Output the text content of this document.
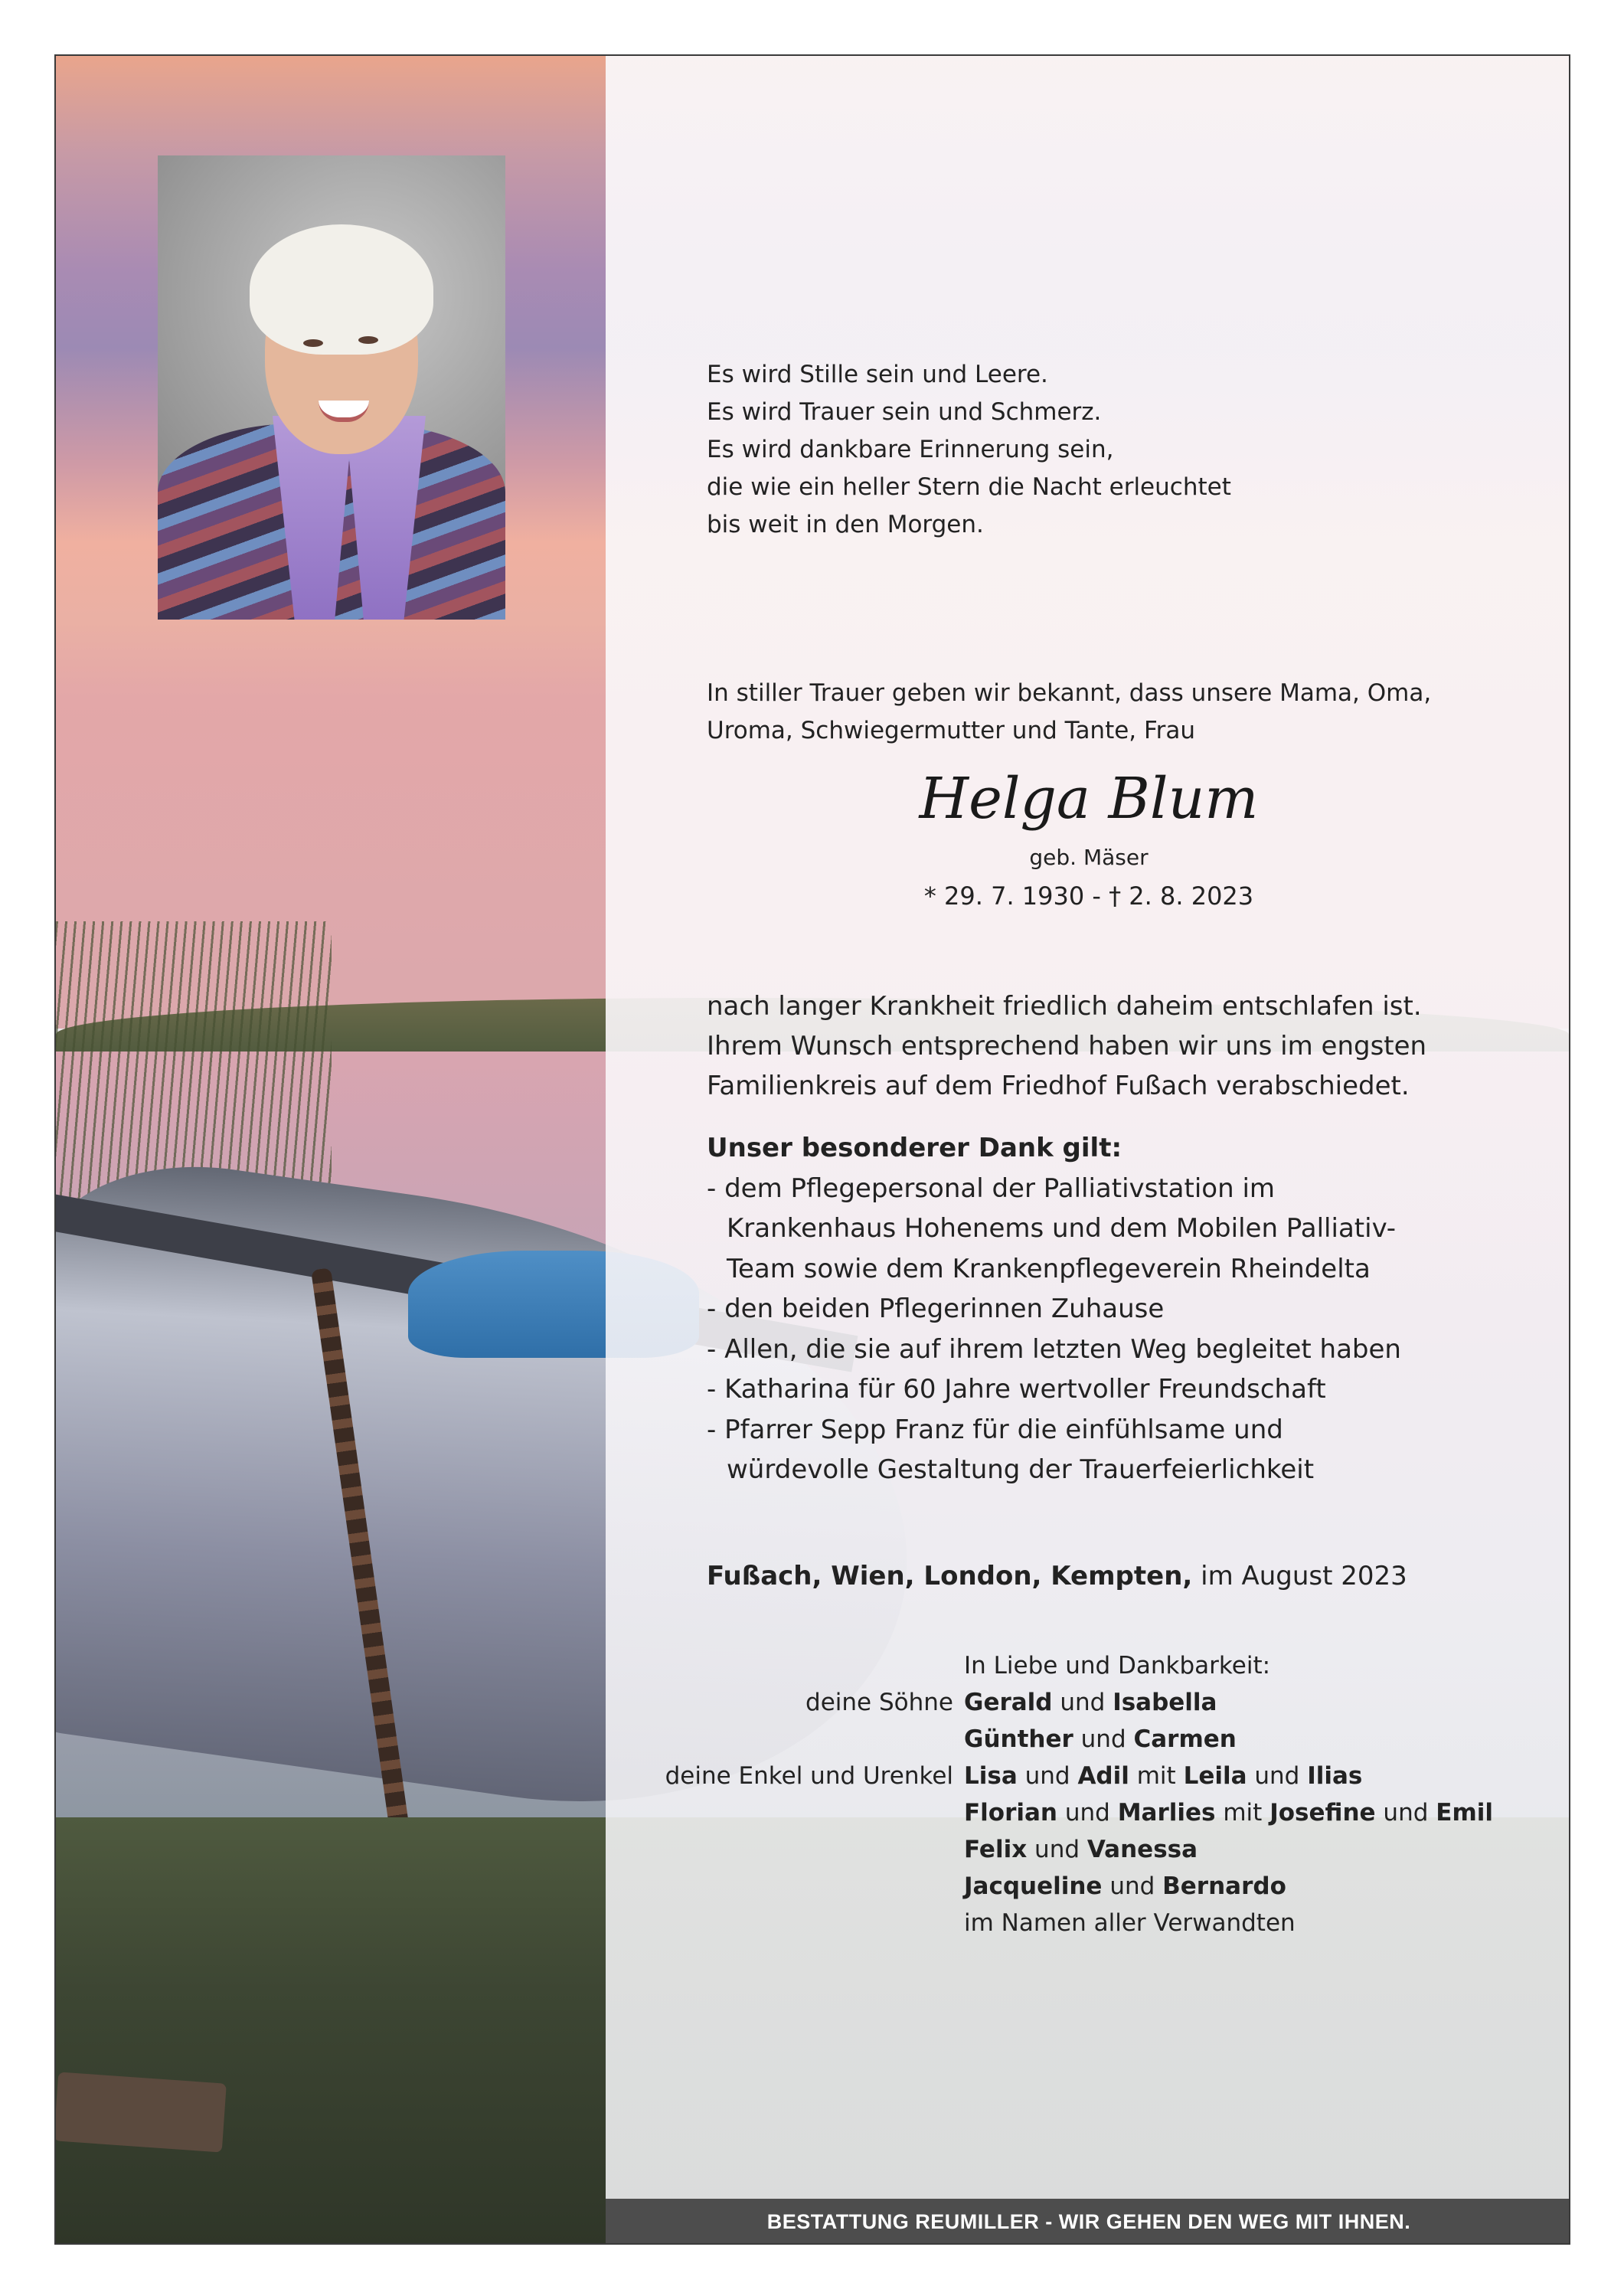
Es wird Stille sein und Leere.
Es wird Trauer sein und Schmerz.
Es wird dankbare Erinnerung sein,
die wie ein heller Stern die Nacht erleuchtet
bis weit in den Morgen.
In stiller Trauer geben wir bekannt, dass unsere Mama, Oma,
Uroma, Schwiegermutter und Tante, Frau
Helga Blum
geb. Mäser
* 29. 7. 1930 - † 2. 8. 2023
nach langer Krankheit friedlich daheim entschlafen ist.
Ihrem Wunsch entsprechend haben wir uns im engsten
Familienkreis auf dem Friedhof Fußach verabschiedet.
Unser besonderer Dank gilt:
- dem Pflegepersonal der Palliativstation im
Krankenhaus Hohenems und dem Mobilen Palliativ-
Team sowie dem Krankenpflegeverein Rheindelta
- den beiden Pflegerinnen Zuhause
- Allen, die sie auf ihrem letzten Weg begleitet haben
- Katharina für 60 Jahre wertvoller Freundschaft
- Pfarrer Sepp Franz für die einfühlsame und
würdevolle Gestaltung der Trauerfeierlichkeit
Fußach, Wien, London, Kempten, im August 2023
In Liebe und Dankbarkeit:
deine Söhne Gerald und Isabella
Günther und Carmen
deine Enkel und Urenkel Lisa und Adil mit Leila und Ilias
Florian und Marlies mit Josefine und Emil
Felix und Vanessa
Jacqueline und Bernardo
im Namen aller Verwandten
BESTATTUNG REUMILLER - WIR GEHEN DEN WEG MIT IHNEN.
